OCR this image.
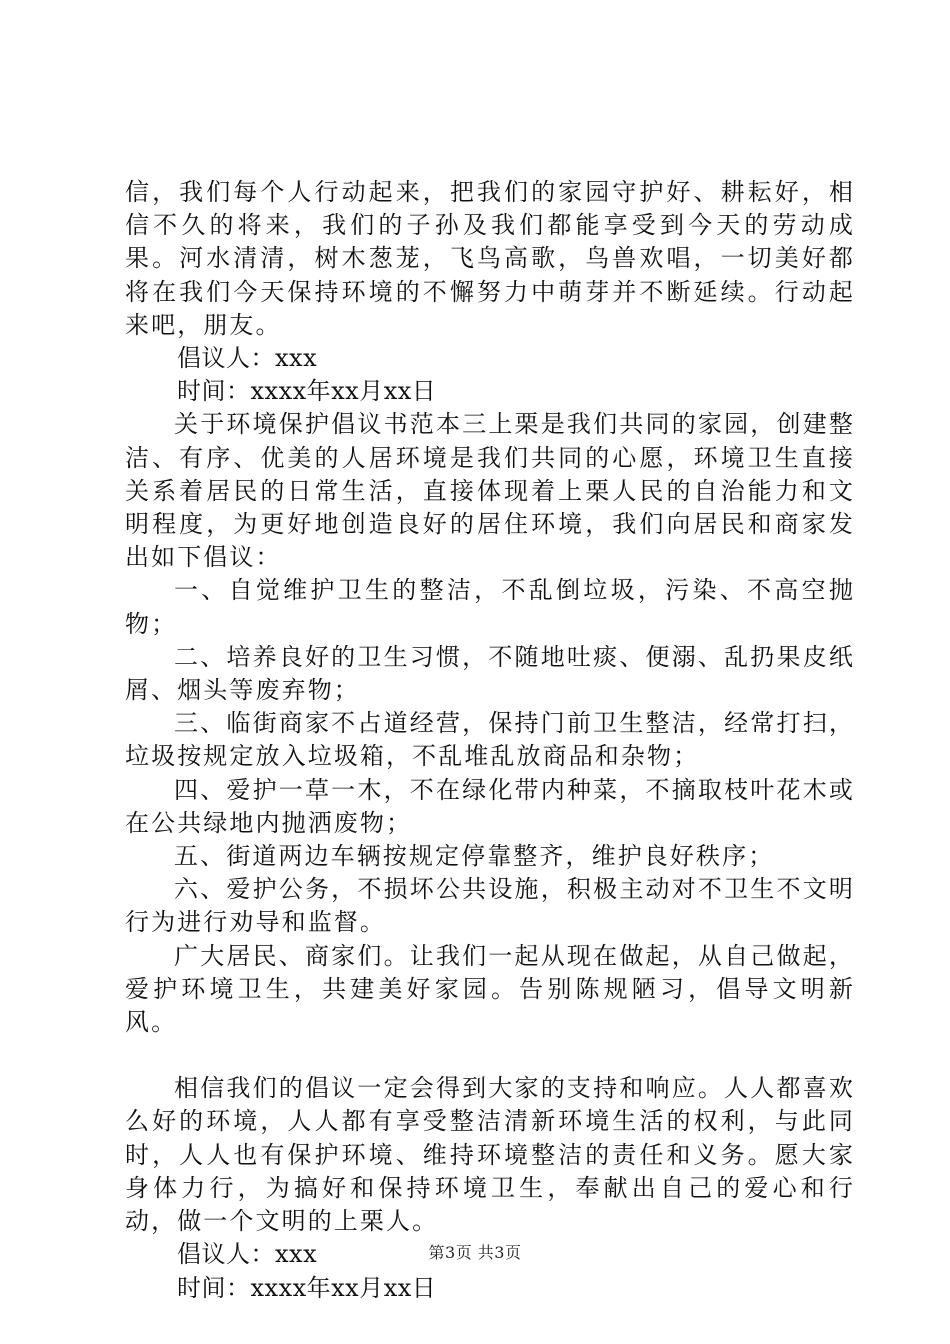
信，我们每个人行动起来，把我们的家园守护好、耕耘好，相信不久的将来，我们的子孙及我们都能享受到今天的劳动成果。河水清清，树木葱茏，飞鸟高歌，鸟兽欢唱，一切美好都将在我们今天保持环境的不懈努力中萌芽并不断延续。行动起来吧，朋友。

倡议人：xxx

时间：xxxx年xx月xx日

关于环境保护倡议书范本三上栗是我们共同的家园，创建整洁、有序、优美的人居环境是我们共同的心愿，环境卫生直接关系着居民的日常生活，直接体现着上栗人民的自治能力和文明程度，为更好地创造良好的居住环境，我们向居民和商家发出如下倡议：

一、自觉维护卫生的整洁，不乱倒垃圾，污染、不高空抛物；

二、培养良好的卫生习惯，不随地吐痰、便溺、乱扔果皮纸屑、烟头等废弃物；

三、临街商家不占道经营，保持门前卫生整洁，经常打扫，垃圾按规定放入垃圾箱，不乱堆乱放商品和杂物；

四、爱护一草一木，不在绿化带内种菜，不摘取枝叶花木或在公共绿地内抛洒废物；

五、街道两边车辆按规定停靠整齐，维护良好秩序；

六、爱护公务，不损坏公共设施，积极主动对不卫生不文明行为进行劝导和监督。

广大居民、商家们。让我们一起从现在做起，从自己做起，爱护环境卫生，共建美好家园。告别陈规陋习，倡导文明新风。

相信我们的倡议一定会得到大家的支持和响应。人人都喜欢么好的环境，人人都有享受整洁清新环境生活的权利，与此同时，人人也有保护环境、维持环境整洁的责任和义务。愿大家身体力行，为搞好和保持环境卫生，奉献出自己的爱心和行动，做一个文明的上栗人。

倡议人：xxx

时间：xxxx年xx月xx日

第3页 共3页
